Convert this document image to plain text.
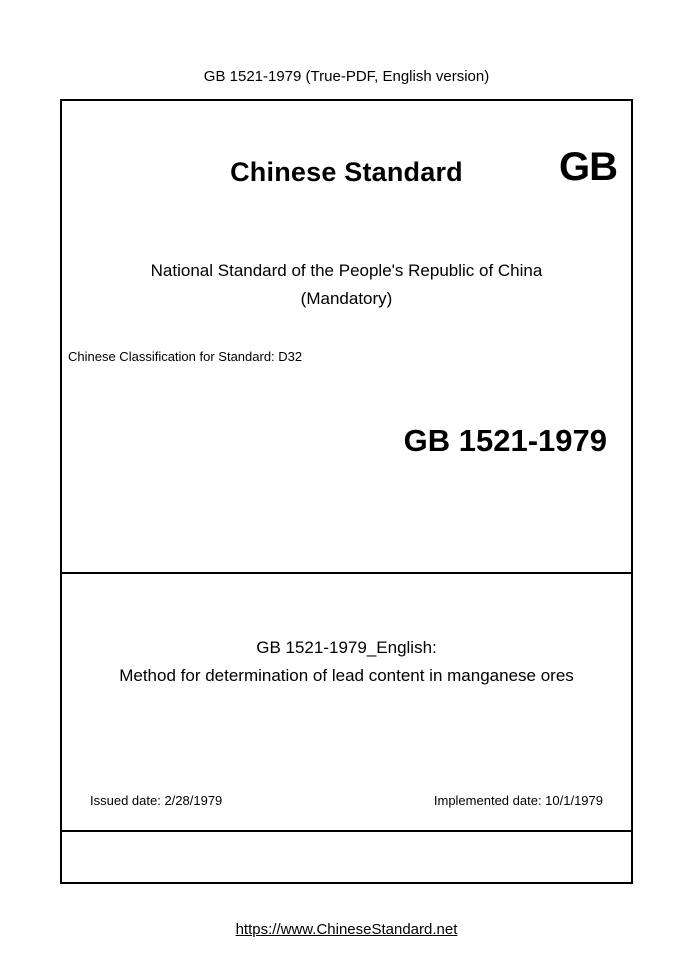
GB 1521-1979 (True-PDF, English version)
Chinese Standard	GB
National Standard of the People's Republic of China
(Mandatory)
Chinese Classification for Standard: D32
GB 1521-1979
GB 1521-1979_English:
Method for determination of lead content in manganese ores
Issued date: 2/28/1979	Implemented date: 10/1/1979
https://www.ChineseStandard.net
